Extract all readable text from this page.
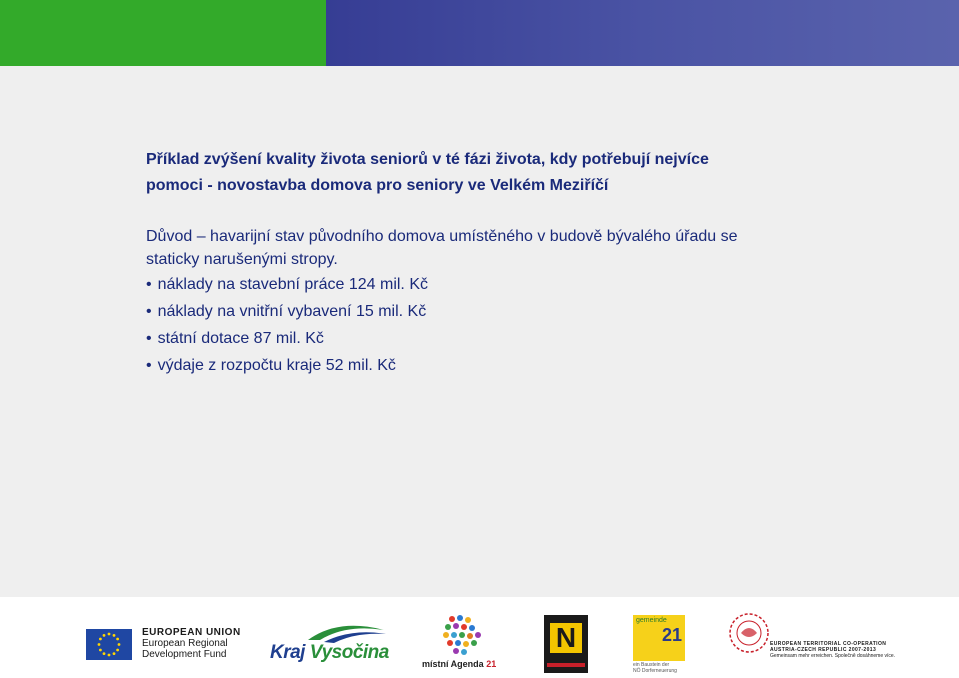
Příklad zvýšení kvality života seniorů v té fázi života, kdy potřebují nejvíce
pomoci - novostavba domova pro seniory ve Velkém Meziříčí

Důvod – havarijní stav původního domova umístěného v budově bývalého úřadu se
staticky narušenými stropy.

• náklady na stavební práce 124 mil. Kč
• náklady na vnitřní vybavení 15 mil. Kč
• státní dotace 87 mil. Kč
• výdaje z rozpočtu kraje 52 mil. Kč
EUROPEAN UNION
European Regional
Development Fund	Kraj Vysočina
místní Agenda 21
N
gemeinde
21
ein Baustein der
NÖ Dorferneuerung
EUROPEAN TERRITORIAL CO-OPERATION
AUSTRIA-CZECH REPUBLIC 2007-2013
Gemeinsam mehr erreichen. Společně dosáhneme více.
